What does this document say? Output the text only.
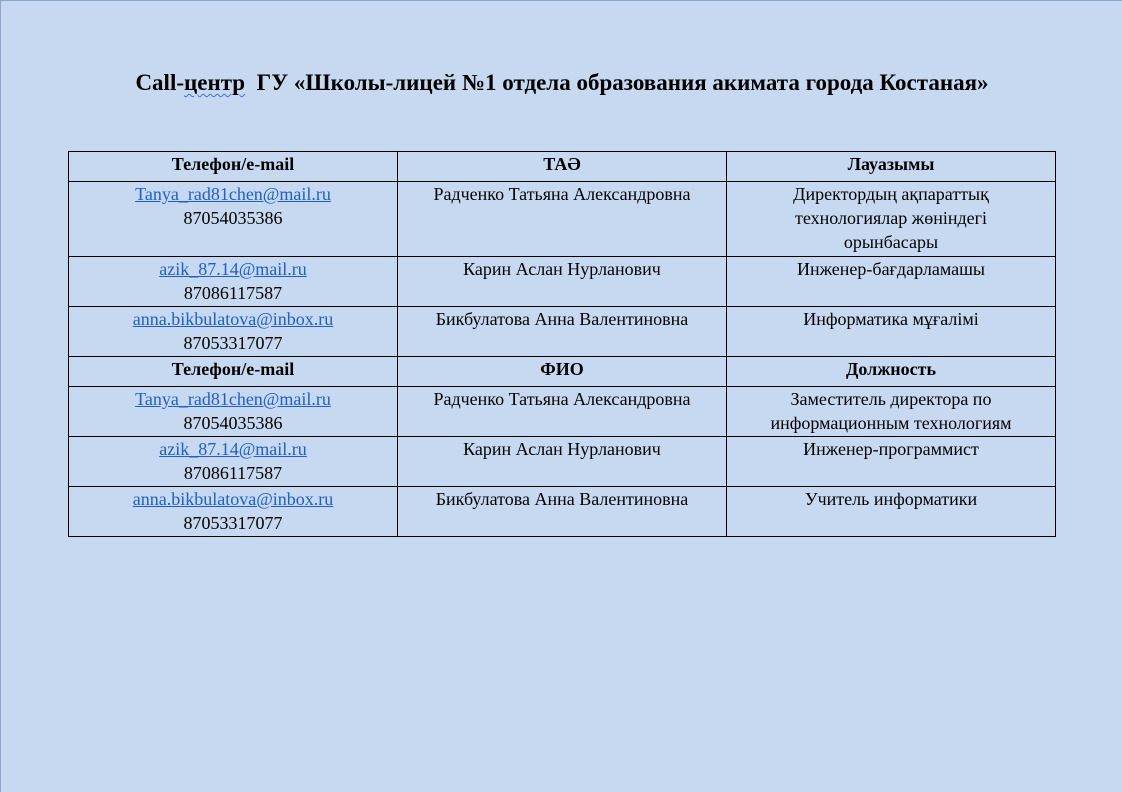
Call-центр  ГУ «Школы-лицей №1 отдела образования акимата города Костаная»
Телефон/e-mail	ТАӘ	Лауазымы

Tanya_rad81chen@mail.ru
87054035386	Радченко Татьяна Александровна	Директордың ақпараттық технологиялар жөніндегі орынбасары

azik_87.14@mail.ru
87086117587	Карин Аслан Нурланович	Инженер-бағдарламашы

anna.bikbulatova@inbox.ru
87053317077	Бикбулатова Анна Валентиновна	Информатика мұғалімі
Телефон/e-mail	ФИО	Должность

Tanya_rad81chen@mail.ru
87054035386	Радченко Татьяна Александровна	Заместитель директора по информационным технологиям

azik_87.14@mail.ru
87086117587	Карин Аслан Нурланович	Инженер-программист

anna.bikbulatova@inbox.ru
87053317077	Бикбулатова Анна Валентиновна	Учитель информатики
